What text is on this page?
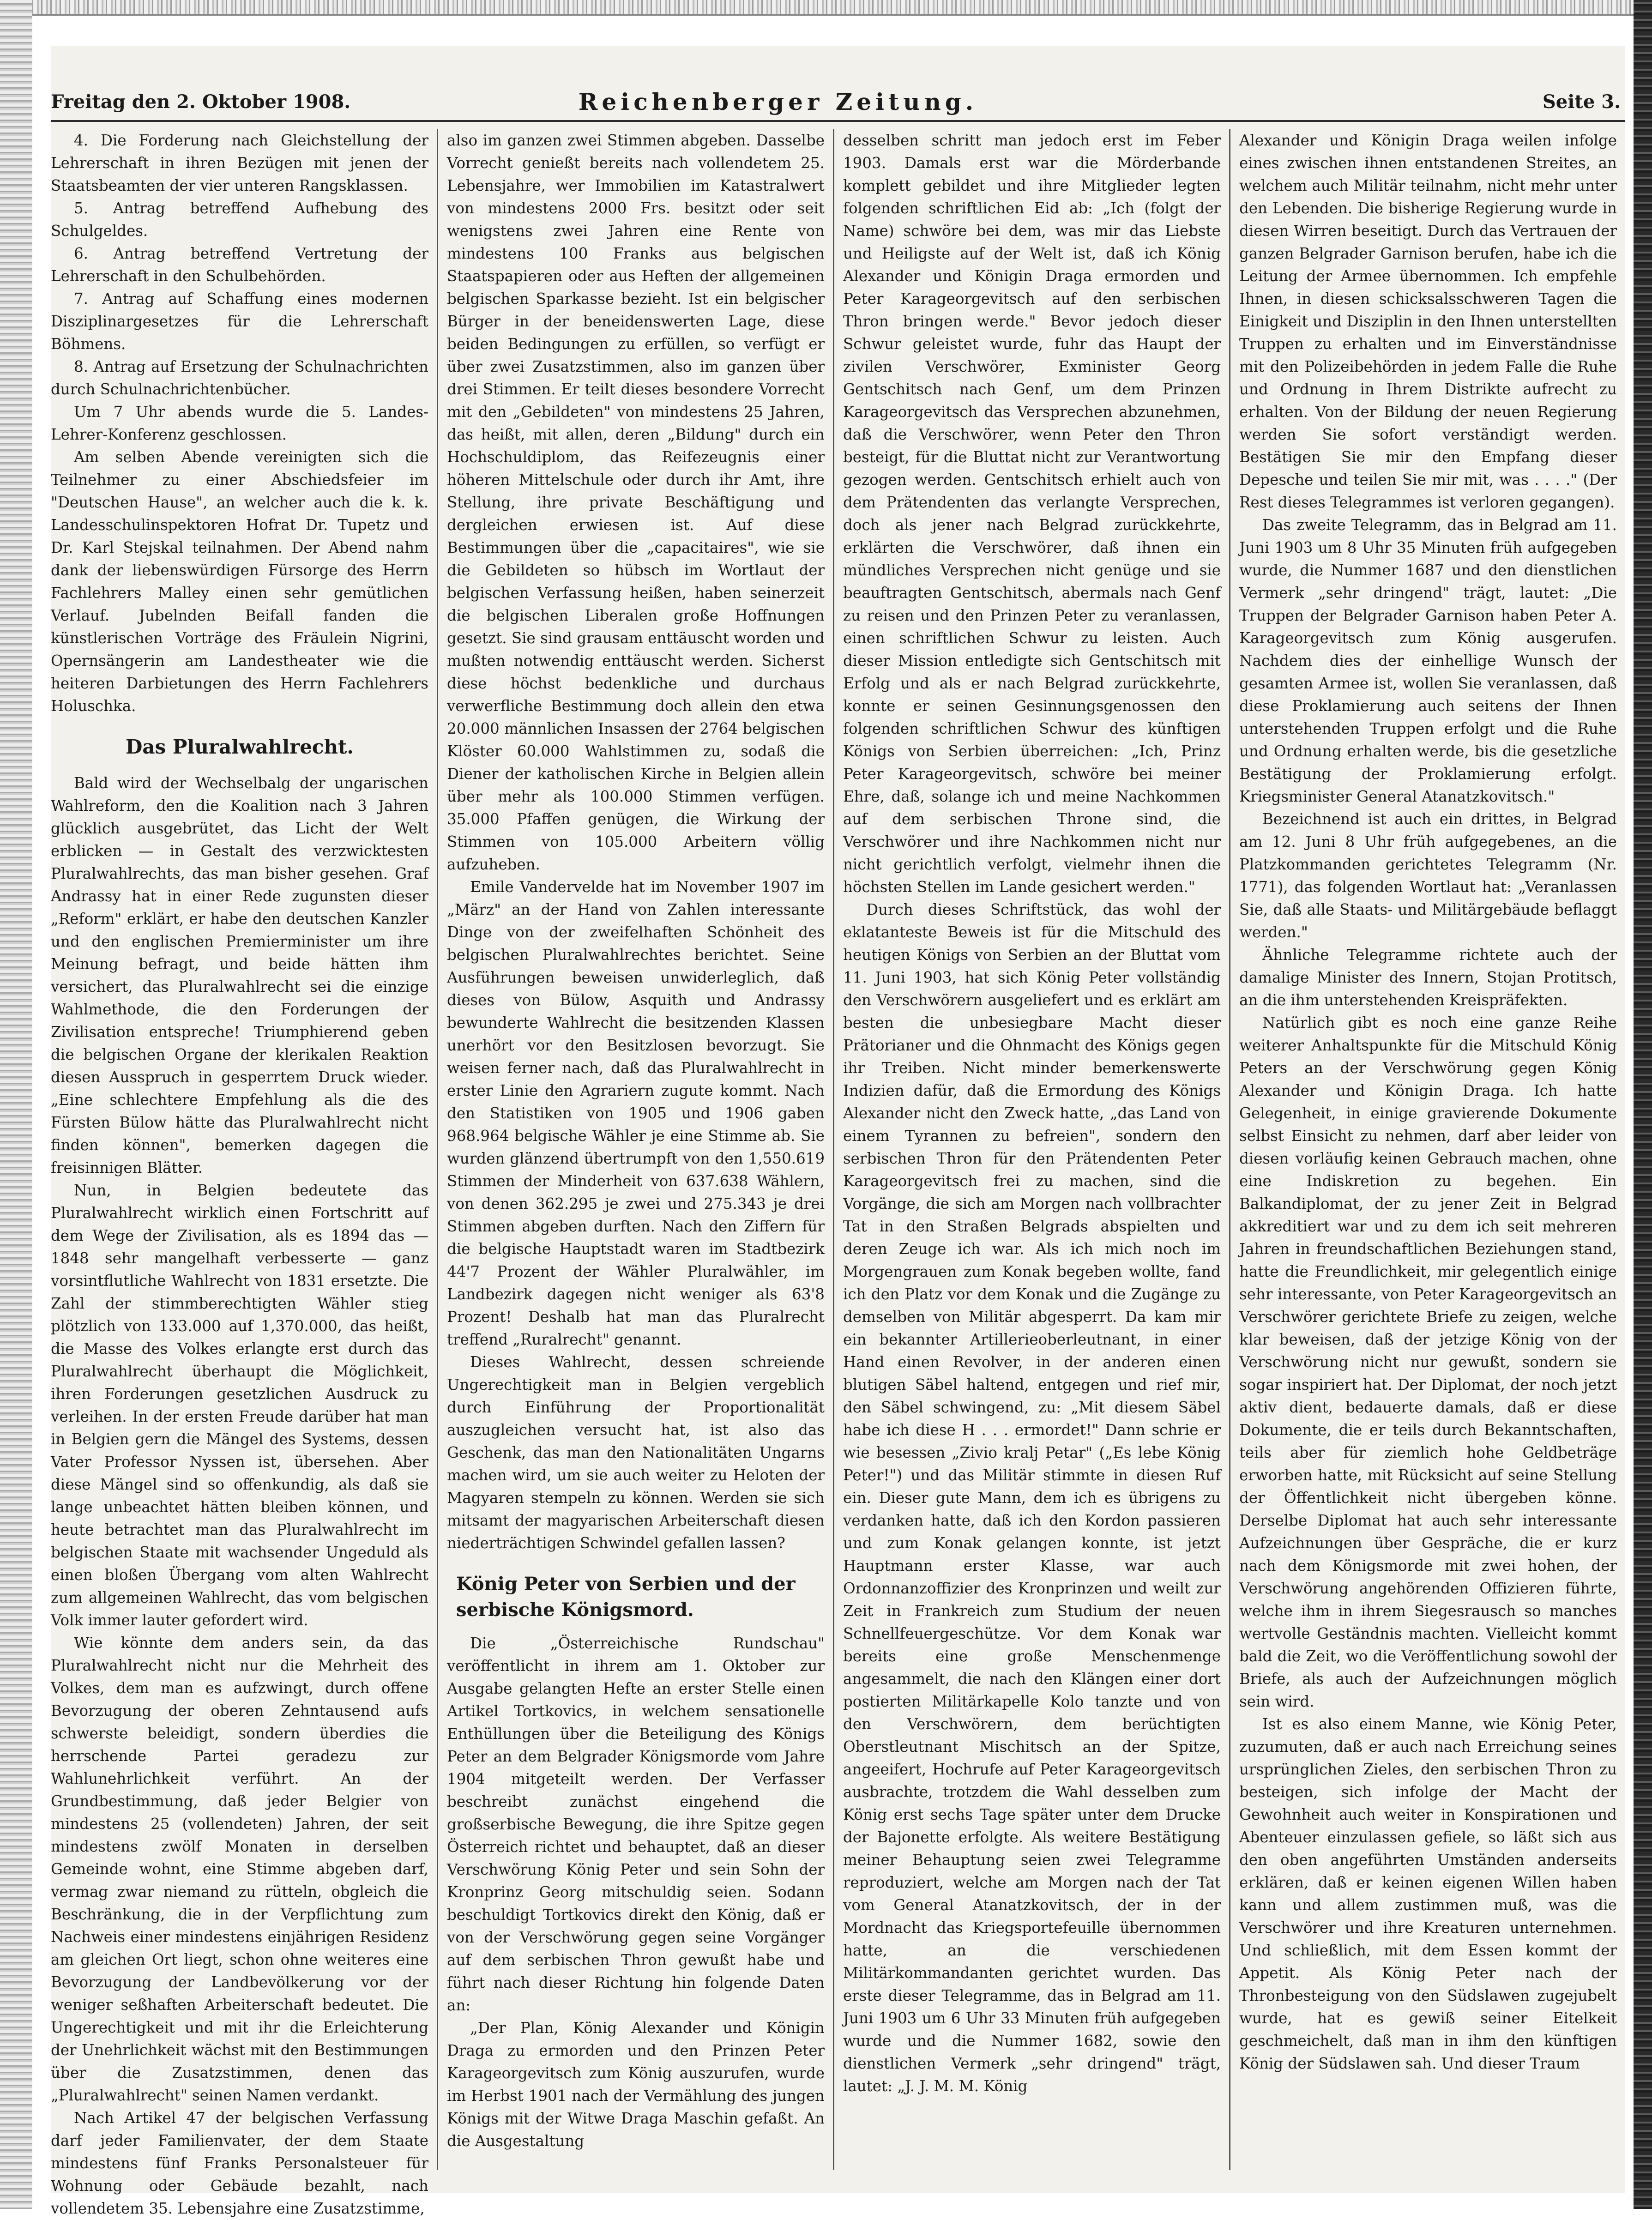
Freitag den 2. Oktober 1908.	Reichenberger Zeitung.	Seite 3.

4. Die Forderung nach Gleichstellung der Lehrerschaft in ihren Bezügen mit jenen der Staatsbeamten der vier unteren Rangsklassen.

5. Antrag betreffend Aufhebung des Schulgeldes.

6. Antrag betreffend Vertretung der Lehrerschaft in den Schulbehörden.

7. Antrag auf Schaffung eines modernen Disziplinargesetzes für die Lehrerschaft Böhmens.

8. Antrag auf Ersetzung der Schulnachrichten durch Schulnachrichtenbücher.

Um 7 Uhr abends wurde die 5. Landes-Lehrer-Konferenz geschlossen.

Am selben Abende vereinigten sich die Teilnehmer zu einer Abschiedsfeier im "Deutschen Hause", an welcher auch die k. k. Landesschulinspektoren Hofrat Dr. Tupetz und Dr. Karl Stejskal teilnahmen. Der Abend nahm dank der liebenswürdigen Fürsorge des Herrn Fachlehrers Malley einen sehr gemütlichen Verlauf. Jubelnden Beifall fanden die künstlerischen Vorträge des Fräulein Nigrini, Opernsängerin am Landestheater wie die heiteren Darbietungen des Herrn Fachlehrers Holuschka.

Das Pluralwahlrecht.

Bald wird der Wechselbalg der ungarischen Wahlreform, den die Koalition nach 3 Jahren glücklich ausgebrütet, das Licht der Welt erblicken — in Gestalt des verzwicktesten Pluralwahlrechts, das man bisher gesehen. Graf Andrassy hat in einer Rede zugunsten dieser „Reform" erklärt, er habe den deutschen Kanzler und den englischen Premierminister um ihre Meinung befragt, und beide hätten ihm versichert, das Pluralwahlrecht sei die einzige Wahlmethode, die den Forderungen der Zivilisation entspreche! Triumphierend geben die belgischen Organe der klerikalen Reaktion diesen Ausspruch in gesperrtem Druck wieder. „Eine schlechtere Empfehlung als die des Fürsten Bülow hätte das Pluralwahlrecht nicht finden können", bemerken dagegen die freisinnigen Blätter.

Nun, in Belgien bedeutete das Pluralwahlrecht wirklich einen Fortschritt auf dem Wege der Zivilisation, als es 1894 das — 1848 sehr mangelhaft verbesserte — ganz vorsintflutliche Wahlrecht von 1831 ersetzte. Die Zahl der stimmberechtigten Wähler stieg plötzlich von 133.000 auf 1,370.000, das heißt, die Masse des Volkes erlangte erst durch das Pluralwahlrecht überhaupt die Möglichkeit, ihren Forderungen gesetzlichen Ausdruck zu verleihen. In der ersten Freude darüber hat man in Belgien gern die Mängel des Systems, dessen Vater Professor Nyssen ist, übersehen. Aber diese Mängel sind so offenkundig, als daß sie lange unbeachtet hätten bleiben können, und heute betrachtet man das Pluralwahlrecht im belgischen Staate mit wachsender Ungeduld als einen bloßen Übergang vom alten Wahlrecht zum allgemeinen Wahlrecht, das vom belgischen Volk immer lauter gefordert wird.

Wie könnte dem anders sein, da das Pluralwahlrecht nicht nur die Mehrheit des Volkes, dem man es aufzwingt, durch offene Bevorzugung der oberen Zehntausend aufs schwerste beleidigt, sondern überdies die herrschende Partei geradezu zur Wahlunehrlichkeit verführt. An der Grundbestimmung, daß jeder Belgier von mindestens 25 (vollendeten) Jahren, der seit mindestens zwölf Monaten in derselben Gemeinde wohnt, eine Stimme abgeben darf, vermag zwar niemand zu rütteln, obgleich die Beschränkung, die in der Verpflichtung zum Nachweis einer mindestens einjährigen Residenz am gleichen Ort liegt, schon ohne weiteres eine Bevorzugung der Landbevölkerung vor der weniger seßhaften Arbeiterschaft bedeutet. Die Ungerechtigkeit und mit ihr die Erleichterung der Unehrlichkeit wächst mit den Bestimmungen über die Zusatzstimmen, denen das „Pluralwahlrecht" seinen Namen verdankt.

Nach Artikel 47 der belgischen Verfassung darf jeder Familienvater, der dem Staate mindestens fünf Franks Personalsteuer für Wohnung oder Gebäude bezahlt, nach vollendetem 35. Lebensjahre eine Zusatzstimme,

also im ganzen zwei Stimmen abgeben. Dasselbe Vorrecht genießt bereits nach vollendetem 25. Lebensjahre, wer Immobilien im Katastralwert von mindestens 2000 Frs. besitzt oder seit wenigstens zwei Jahren eine Rente von mindestens 100 Franks aus belgischen Staatspapieren oder aus Heften der allgemeinen belgischen Sparkasse bezieht. Ist ein belgischer Bürger in der beneidenswerten Lage, diese beiden Bedingungen zu erfüllen, so verfügt er über zwei Zusatzstimmen, also im ganzen über drei Stimmen. Er teilt dieses besondere Vorrecht mit den „Gebildeten" von mindestens 25 Jahren, das heißt, mit allen, deren „Bildung" durch ein Hochschuldiplom, das Reifezeugnis einer höheren Mittelschule oder durch ihr Amt, ihre Stellung, ihre private Beschäftigung und dergleichen erwiesen ist. Auf diese Bestimmungen über die „capacitaires", wie sie die Gebildeten so hübsch im Wortlaut der belgischen Verfassung heißen, haben seinerzeit die belgischen Liberalen große Hoffnungen gesetzt. Sie sind grausam enttäuscht worden und mußten notwendig enttäuscht werden. Sicherst diese höchst bedenkliche und durchaus verwerfliche Bestimmung doch allein den etwa 20.000 männlichen Insassen der 2764 belgischen Klöster 60.000 Wahlstimmen zu, sodaß die Diener der katholischen Kirche in Belgien allein über mehr als 100.000 Stimmen verfügen. 35.000 Pfaffen genügen, die Wirkung der Stimmen von 105.000 Arbeitern völlig aufzuheben.

Emile Vandervelde hat im November 1907 im „März" an der Hand von Zahlen interessante Dinge von der zweifelhaften Schönheit des belgischen Pluralwahlrechtes berichtet. Seine Ausführungen beweisen unwiderleglich, daß dieses von Bülow, Asquith und Andrassy bewunderte Wahlrecht die besitzenden Klassen unerhört vor den Besitzlosen bevorzugt. Sie weisen ferner nach, daß das Pluralwahlrecht in erster Linie den Agrariern zugute kommt. Nach den Statistiken von 1905 und 1906 gaben 968.964 belgische Wähler je eine Stimme ab. Sie wurden glänzend übertrumpft von den 1,550.619 Stimmen der Minderheit von 637.638 Wählern, von denen 362.295 je zwei und 275.343 je drei Stimmen abgeben durften. Nach den Ziffern für die belgische Hauptstadt waren im Stadtbezirk 44'7 Prozent der Wähler Pluralwähler, im Landbezirk dagegen nicht weniger als 63'8 Prozent! Deshalb hat man das Pluralrecht treffend „Ruralrecht" genannt.

Dieses Wahlrecht, dessen schreiende Ungerechtigkeit man in Belgien vergeblich durch Einführung der Proportionalität auszugleichen versucht hat, ist also das Geschenk, das man den Nationalitäten Ungarns machen wird, um sie auch weiter zu Heloten der Magyaren stempeln zu können. Werden sie sich mitsamt der magyarischen Arbeiterschaft diesen niederträchtigen Schwindel gefallen lassen?

König Peter von Serbien und der serbische Königsmord.

Die „Österreichische Rundschau" veröffentlicht in ihrem am 1. Oktober zur Ausgabe gelangten Hefte an erster Stelle einen Artikel Tortkovics, in welchem sensationelle Enthüllungen über die Beteiligung des Königs Peter an dem Belgrader Königsmorde vom Jahre 1904 mitgeteilt werden. Der Verfasser beschreibt zunächst eingehend die großserbische Bewegung, die ihre Spitze gegen Österreich richtet und behauptet, daß an dieser Verschwörung König Peter und sein Sohn der Kronprinz Georg mitschuldig seien. Sodann beschuldigt Tortkovics direkt den König, daß er von der Verschwörung gegen seine Vorgänger auf dem serbischen Thron gewußt habe und führt nach dieser Richtung hin folgende Daten an:

„Der Plan, König Alexander und Königin Draga zu ermorden und den Prinzen Peter Karageorgevitsch zum König auszurufen, wurde im Herbst 1901 nach der Vermählung des jungen Königs mit der Witwe Draga Maschin gefaßt. An die Ausgestaltung

desselben schritt man jedoch erst im Feber 1903. Damals erst war die Mörderbande komplett gebildet und ihre Mitglieder legten folgenden schriftlichen Eid ab: „Ich (folgt der Name) schwöre bei dem, was mir das Liebste und Heiligste auf der Welt ist, daß ich König Alexander und Königin Draga ermorden und Peter Karageorgevitsch auf den serbischen Thron bringen werde." Bevor jedoch dieser Schwur geleistet wurde, fuhr das Haupt der zivilen Verschwörer, Exminister Georg Gentschitsch nach Genf, um dem Prinzen Karageorgevitsch das Versprechen abzunehmen, daß die Verschwörer, wenn Peter den Thron besteigt, für die Bluttat nicht zur Verantwortung gezogen werden. Gentschitsch erhielt auch von dem Prätendenten das verlangte Versprechen, doch als jener nach Belgrad zurückkehrte, erklärten die Verschwörer, daß ihnen ein mündliches Versprechen nicht genüge und sie beauftragten Gentschitsch, abermals nach Genf zu reisen und den Prinzen Peter zu veranlassen, einen schriftlichen Schwur zu leisten. Auch dieser Mission entledigte sich Gentschitsch mit Erfolg und als er nach Belgrad zurückkehrte, konnte er seinen Gesinnungsgenossen den folgenden schriftlichen Schwur des künftigen Königs von Serbien überreichen: „Ich, Prinz Peter Karageorgevitsch, schwöre bei meiner Ehre, daß, solange ich und meine Nachkommen auf dem serbischen Throne sind, die Verschwörer und ihre Nachkommen nicht nur nicht gerichtlich verfolgt, vielmehr ihnen die höchsten Stellen im Lande gesichert werden."

Durch dieses Schriftstück, das wohl der eklatanteste Beweis ist für die Mitschuld des heutigen Königs von Serbien an der Bluttat vom 11. Juni 1903, hat sich König Peter vollständig den Verschwörern ausgeliefert und es erklärt am besten die unbesiegbare Macht dieser Prätorianer und die Ohnmacht des Königs gegen ihr Treiben. Nicht minder bemerkenswerte Indizien dafür, daß die Ermordung des Königs Alexander nicht den Zweck hatte, „das Land von einem Tyrannen zu befreien", sondern den serbischen Thron für den Prätendenten Peter Karageorgevitsch frei zu machen, sind die Vorgänge, die sich am Morgen nach vollbrachter Tat in den Straßen Belgrads abspielten und deren Zeuge ich war. Als ich mich noch im Morgengrauen zum Konak begeben wollte, fand ich den Platz vor dem Konak und die Zugänge zu demselben von Militär abgesperrt. Da kam mir ein bekannter Artillerieoberleutnant, in einer Hand einen Revolver, in der anderen einen blutigen Säbel haltend, entgegen und rief mir, den Säbel schwingend, zu: „Mit diesem Säbel habe ich diese H . . . ermordet!" Dann schrie er wie besessen „Zivio kralj Petar" („Es lebe König Peter!") und das Militär stimmte in diesen Ruf ein. Dieser gute Mann, dem ich es übrigens zu verdanken hatte, daß ich den Kordon passieren und zum Konak gelangen konnte, ist jetzt Hauptmann erster Klasse, war auch Ordonnanzoffizier des Kronprinzen und weilt zur Zeit in Frankreich zum Studium der neuen Schnellfeuergeschütze. Vor dem Konak war bereits eine große Menschenmenge angesammelt, die nach den Klängen einer dort postierten Militärkapelle Kolo tanzte und von den Verschwörern, dem berüchtigten Oberstleutnant Mischitsch an der Spitze, angeeifert, Hochrufe auf Peter Karageorgevitsch ausbrachte, trotzdem die Wahl desselben zum König erst sechs Tage später unter dem Drucke der Bajonette erfolgte. Als weitere Bestätigung meiner Behauptung seien zwei Telegramme reproduziert, welche am Morgen nach der Tat vom General Atanatzkovitsch, der in der Mordnacht das Kriegsportefeuille übernommen hatte, an die verschiedenen Militärkommandanten gerichtet wurden. Das erste dieser Telegramme, das in Belgrad am 11. Juni 1903 um 6 Uhr 33 Minuten früh aufgegeben wurde und die Nummer 1682, sowie den dienstlichen Vermerk „sehr dringend" trägt, lautet: „J. J. M. M. König

Alexander und Königin Draga weilen infolge eines zwischen ihnen entstandenen Streites, an welchem auch Militär teilnahm, nicht mehr unter den Lebenden. Die bisherige Regierung wurde in diesen Wirren beseitigt. Durch das Vertrauen der ganzen Belgrader Garnison berufen, habe ich die Leitung der Armee übernommen. Ich empfehle Ihnen, in diesen schicksalsschweren Tagen die Einigkeit und Disziplin in den Ihnen unterstellten Truppen zu erhalten und im Einverständnisse mit den Polizeibehörden in jedem Falle die Ruhe und Ordnung in Ihrem Distrikte aufrecht zu erhalten. Von der Bildung der neuen Regierung werden Sie sofort verständigt werden. Bestätigen Sie mir den Empfang dieser Depesche und teilen Sie mir mit, was . . . ." (Der Rest dieses Telegrammes ist verloren gegangen).

Das zweite Telegramm, das in Belgrad am 11. Juni 1903 um 8 Uhr 35 Minuten früh aufgegeben wurde, die Nummer 1687 und den dienstlichen Vermerk „sehr dringend" trägt, lautet: „Die Truppen der Belgrader Garnison haben Peter A. Karageorgevitsch zum König ausgerufen. Nachdem dies der einhellige Wunsch der gesamten Armee ist, wollen Sie veranlassen, daß diese Proklamierung auch seitens der Ihnen unterstehenden Truppen erfolgt und die Ruhe und Ordnung erhalten werde, bis die gesetzliche Bestätigung der Proklamierung erfolgt. Kriegsminister General Atanatzkovitsch."

Bezeichnend ist auch ein drittes, in Belgrad am 12. Juni 8 Uhr früh aufgegebenes, an die Platzkommanden gerichtetes Telegramm (Nr. 1771), das folgenden Wortlaut hat: „Veranlassen Sie, daß alle Staats- und Militärgebäude beflaggt werden."

Ähnliche Telegramme richtete auch der damalige Minister des Innern, Stojan Protitsch, an die ihm unterstehenden Kreispräfekten.

Natürlich gibt es noch eine ganze Reihe weiterer Anhaltspunkte für die Mitschuld König Peters an der Verschwörung gegen König Alexander und Königin Draga. Ich hatte Gelegenheit, in einige gravierende Dokumente selbst Einsicht zu nehmen, darf aber leider von diesen vorläufig keinen Gebrauch machen, ohne eine Indiskretion zu begehen. Ein Balkandiplomat, der zu jener Zeit in Belgrad akkreditiert war und zu dem ich seit mehreren Jahren in freundschaftlichen Beziehungen stand, hatte die Freundlichkeit, mir gelegentlich einige sehr interessante, von Peter Karageorgevitsch an Verschwörer gerichtete Briefe zu zeigen, welche klar beweisen, daß der jetzige König von der Verschwörung nicht nur gewußt, sondern sie sogar inspiriert hat. Der Diplomat, der noch jetzt aktiv dient, bedauerte damals, daß er diese Dokumente, die er teils durch Bekanntschaften, teils aber für ziemlich hohe Geldbeträge erworben hatte, mit Rücksicht auf seine Stellung der Öffentlichkeit nicht übergeben könne. Derselbe Diplomat hat auch sehr interessante Aufzeichnungen über Gespräche, die er kurz nach dem Königsmorde mit zwei hohen, der Verschwörung angehörenden Offizieren führte, welche ihm in ihrem Siegesrausch so manches wertvolle Geständnis machten. Vielleicht kommt bald die Zeit, wo die Veröffentlichung sowohl der Briefe, als auch der Aufzeichnungen möglich sein wird.

Ist es also einem Manne, wie König Peter, zuzumuten, daß er auch nach Erreichung seines ursprünglichen Zieles, den serbischen Thron zu besteigen, sich infolge der Macht der Gewohnheit auch weiter in Konspirationen und Abenteuer einzulassen gefiele, so läßt sich aus den oben angeführten Umständen anderseits erklären, daß er keinen eigenen Willen haben kann und allem zustimmen muß, was die Verschwörer und ihre Kreaturen unternehmen. Und schließlich, mit dem Essen kommt der Appetit. Als König Peter nach der Thronbesteigung von den Südslawen zugejubelt wurde, hat es gewiß seiner Eitelkeit geschmeichelt, daß man in ihm den künftigen König der Südslawen sah. Und dieser Traum
